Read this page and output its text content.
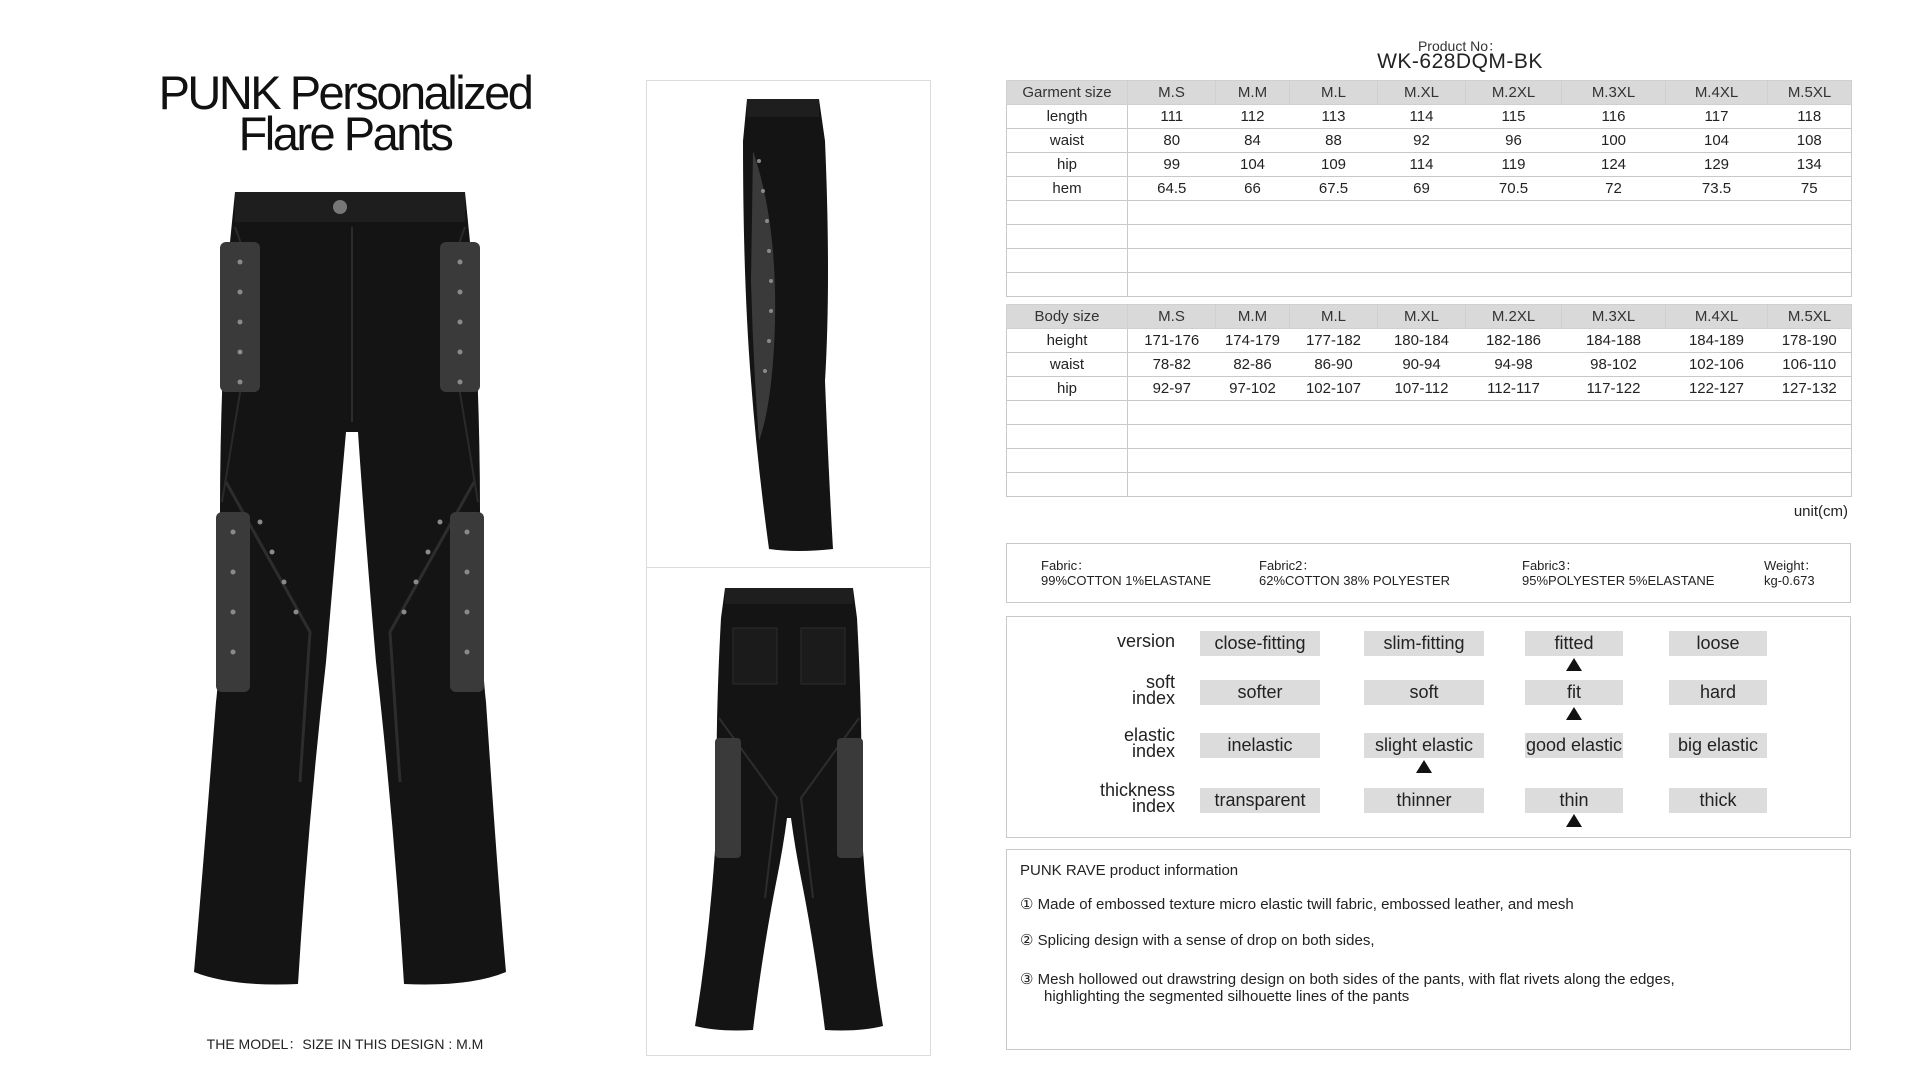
PUNK Personalized
Flare Pants
THE MODEL：SIZE IN THIS DESIGN : M.M
Product No：
WK-628DQM-BK
Garment size	M.S	M.M	M.L	M.XL	M.2XL	M.3XL	M.4XL	M.5XL
length	111	112	113	114	115	116	117	118
waist	80	84	88	92	96	100	104	108
hip	99	104	109	114	119	124	129	134
hem	64.5	66	67.5	69	70.5	72	73.5	75

Body size	M.S	M.M	M.L	M.XL	M.2XL	M.3XL	M.4XL	M.5XL
height	171-176	174-179	177-182	180-184	182-186	184-188	184-189	178-190
waist	78-82	82-86	86-90	90-94	94-98	98-102	102-106	106-110
hip	92-97	97-102	102-107	107-112	112-117	117-122	122-127	127-132

unit(cm)
Fabric：
99%COTTON 1%ELASTANE
Fabric2：
62%COTTON 38% POLYESTER
Fabric3：
95%POLYESTER 5%ELASTANE
Weight：
kg-0.673
version	close-fitting	slim-fitting	fitted	loose
soft
index	softer	soft	fit	hard
elastic
index	inelastic	slight elastic	good elastic	big elastic
thickness
index	transparent	thinner	thin	thick
PUNK RAVE product information
① Made of embossed texture micro elastic twill fabric, embossed leather, and mesh
② Splicing design with a sense of drop on both sides,
③ Mesh hollowed out drawstring design on both sides of the pants, with flat rivets along the edges,
highlighting the segmented silhouette lines of the pants
